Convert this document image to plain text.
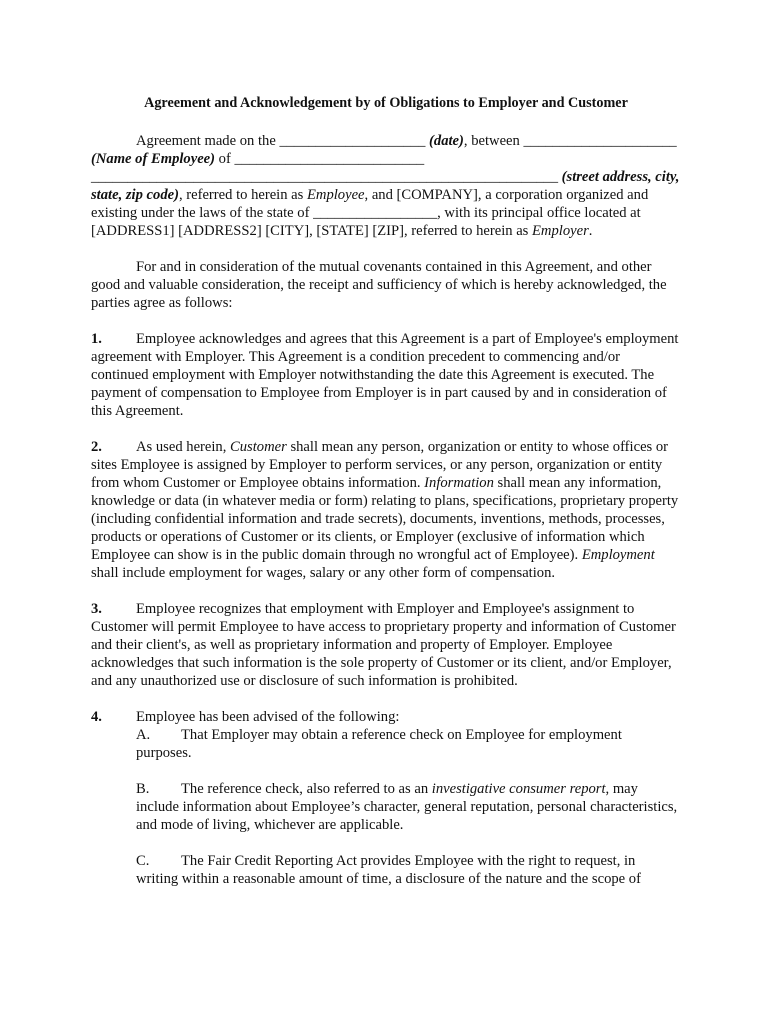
Agreement and Acknowledgement by of Obligations to Employer and Customer

Agreement made on the ____________________ (date), between _____________________ (Name of Employee) of __________________________ ________________________________________________________________ (street address, city, state, zip code), referred to herein as Employee, and [COMPANY], a corporation organized and existing under the laws of the state of _________________, with its principal office located at [ADDRESS1] [ADDRESS2] [CITY], [STATE] [ZIP], referred to herein as Employer.

For and in consideration of the mutual covenants contained in this Agreement, and other good and valuable consideration, the receipt and sufficiency of which is hereby acknowledged, the parties agree as follows:

1. Employee acknowledges and agrees that this Agreement is a part of Employee's employment agreement with Employer. This Agreement is a condition precedent to commencing and/or continued employment with Employer notwithstanding the date this Agreement is executed. The payment of compensation to Employee from Employer is in part caused by and in consideration of this Agreement.

2. As used herein, Customer shall mean any person, organization or entity to whose offices or sites Employee is assigned by Employer to perform services, or any person, organization or entity from whom Customer or Employee obtains information. Information shall mean any information, knowledge or data (in whatever media or form) relating to plans, specifications, proprietary property (including confidential information and trade secrets), documents, inventions, methods, processes, products or operations of Customer or its clients, or Employer (exclusive of information which Employee can show is in the public domain through no wrongful act of Employee). Employment

shall include employment for wages, salary or any other form of compensation.

3. Employee recognizes that employment with Employer and Employee's assignment to Customer will permit Employee to have access to proprietary property and information of Customer and their client's, as well as proprietary information and property of Employer. Employee acknowledges that such information is the sole property of Customer or its client, and/or Employer, and any unauthorized use or disclosure of such information is prohibited.

4.	Employee has been advised of the following:

A. That Employer may obtain a reference check on Employee for employment purposes.

B. The reference check, also referred to as an investigative consumer report, may include information about Employee’s character, general reputation, personal characteristics, and mode of living, whichever are applicable.

C. The Fair Credit Reporting Act provides Employee with the right to request, in writing within a reasonable amount of time, a disclosure of the nature and the scope of
